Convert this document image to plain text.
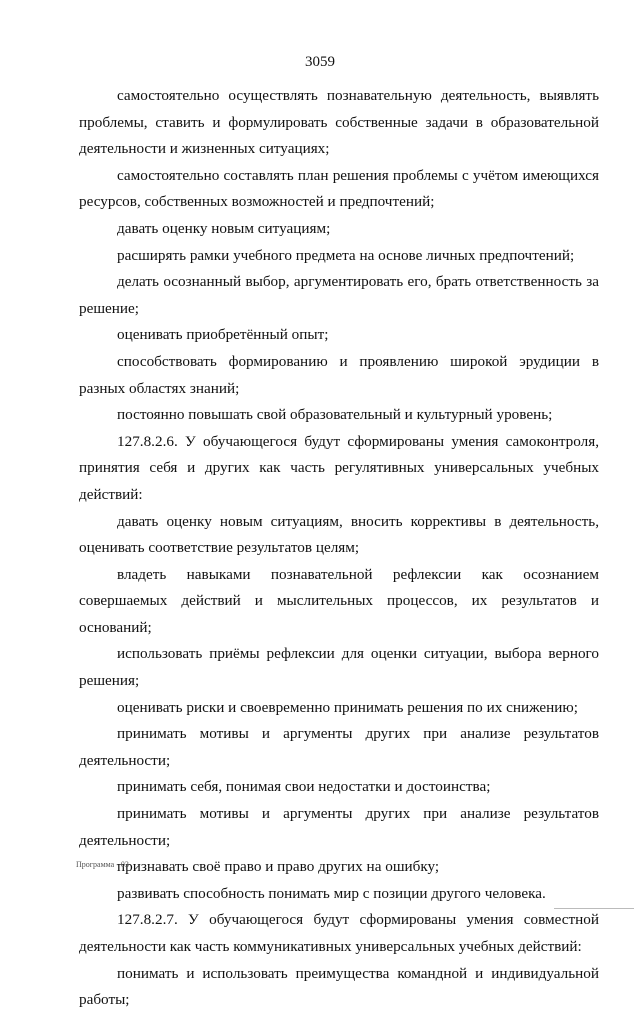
3059

самостоятельно осуществлять познавательную деятельность, выявлять проблемы, ставить и формулировать собственные задачи в образовательной деятельности и жизненных ситуациях;

самостоятельно составлять план решения проблемы с учётом имеющихся ресурсов, собственных возможностей и предпочтений;

давать оценку новым ситуациям;

расширять рамки учебного предмета на основе личных предпочтений;

делать осознанный выбор, аргументировать его, брать ответственность за решение;

оценивать приобретённый опыт;

способствовать формированию и проявлению широкой эрудиции в разных областях знаний;

постоянно повышать свой образовательный и культурный уровень;

127.8.2.6. У обучающегося будут сформированы умения самоконтроля, принятия себя и других как часть регулятивных универсальных учебных действий:

давать оценку новым ситуациям, вносить коррективы в деятельность, оценивать соответствие результатов целям;

владеть навыками познавательной рефлексии как осознанием совершаемых действий и мыслительных процессов, их результатов и оснований;

использовать приёмы рефлексии для оценки ситуации, выбора верного решения;

оценивать риски и своевременно принимать решения по их снижению;

принимать мотивы и аргументы других при анализе результатов деятельности;

принимать себя, понимая свои недостатки и достоинства;

принимать мотивы и аргументы других при анализе результатов деятельности;

признавать своё право и право других на ошибку;

развивать способность понимать мир с позиции другого человека.

127.8.2.7. У обучающегося будут сформированы умения совместной деятельности как часть коммуникативных универсальных учебных действий:

понимать и использовать преимущества командной и индивидуальной работы;

Программа - 03
